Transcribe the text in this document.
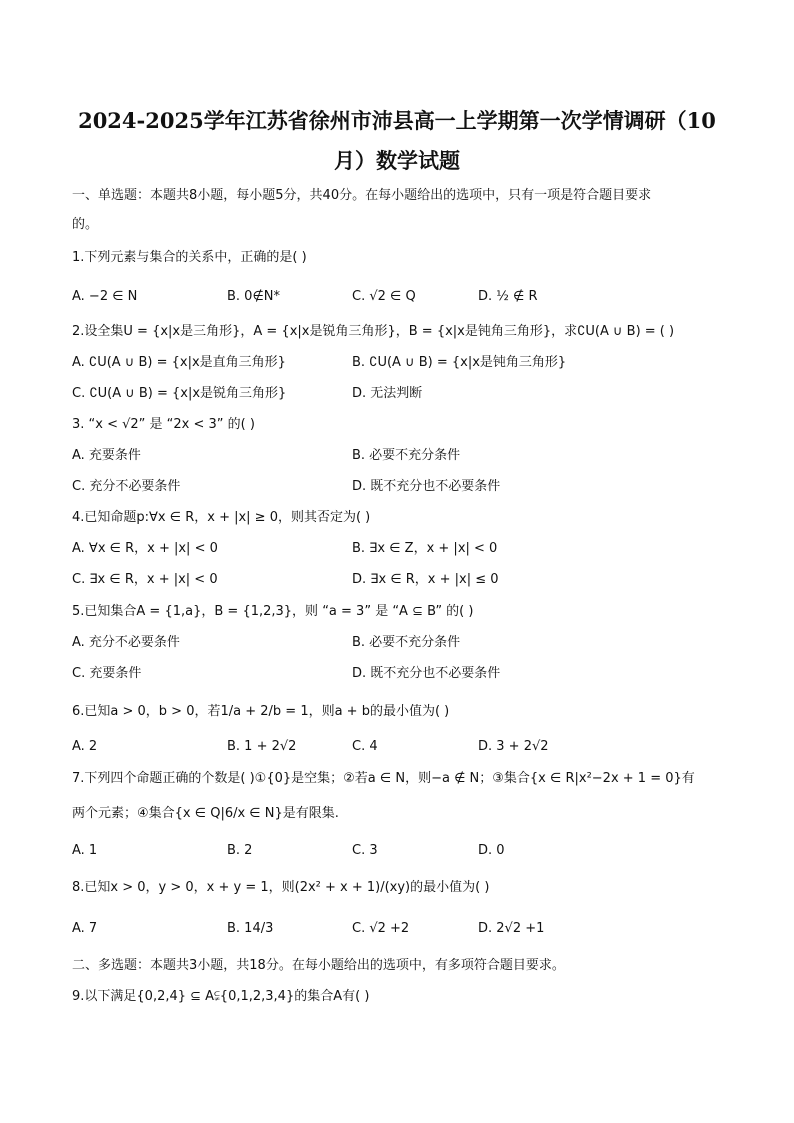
2024-2025学年江苏省徐州市沛县高一上学期第一次学情调研（10
月）数学试题
一、单选题：本题共8小题，每小题5分，共40分。在每小题给出的选项中，只有一项是符合题目要求
的。
1.下列元素与集合的关系中，正确的是( )
A. −2 ∈ N	B. 0∉N*	C. √2 ∈ Q	D. ½ ∉ R
2.设全集U = {x|x是三角形}，A = {x|x是锐角三角形}，B = {x|x是钝角三角形}，求∁U(A ∪ B) = ( )
A. ∁U(A ∪ B) = {x|x是直角三角形}	B. ∁U(A ∪ B) = {x|x是钝角三角形}
C. ∁U(A ∪ B) = {x|x是锐角三角形}	D. 无法判断
3. “x < √2” 是 “2x < 3” 的( )
A. 充要条件	B. 必要不充分条件
C. 充分不必要条件	D. 既不充分也不必要条件
4.已知命题p:∀x ∈ R，x + |x| ≥ 0，则其否定为( )
A. ∀x ∈ R，x + |x| < 0	B. ∃x ∈ Z，x + |x| < 0
C. ∃x ∈ R，x + |x| < 0	D. ∃x ∈ R，x + |x| ≤ 0
5.已知集合A = {1,a}，B = {1,2,3}，则 “a = 3” 是 “A ⊆ B” 的( )
A. 充分不必要条件	B. 必要不充分条件
C. 充要条件	D. 既不充分也不必要条件
6.已知a > 0，b > 0，若1/a + 2/b = 1，则a + b的最小值为( )
A. 2	B. 1 + 2√2	C. 4	D. 3 + 2√2
7.下列四个命题正确的个数是( )①{0}是空集；②若a ∈ N，则−a ∉ N；③集合{x ∈ R|x²−2x + 1 = 0}有
两个元素；④集合{x ∈ Q|6/x ∈ N}是有限集.
A. 1	B. 2	C. 3	D. 0
8.已知x > 0，y > 0，x + y = 1，则(2x² + x + 1)/(xy)的最小值为( )
A. 7	B. 14/3	C. √2 +2	D. 2√2 +1
二、多选题：本题共3小题，共18分。在每小题给出的选项中，有多项符合题目要求。
9.以下满足{0,2,4} ⊆ A⫋{0,1,2,3,4}的集合A有( )
